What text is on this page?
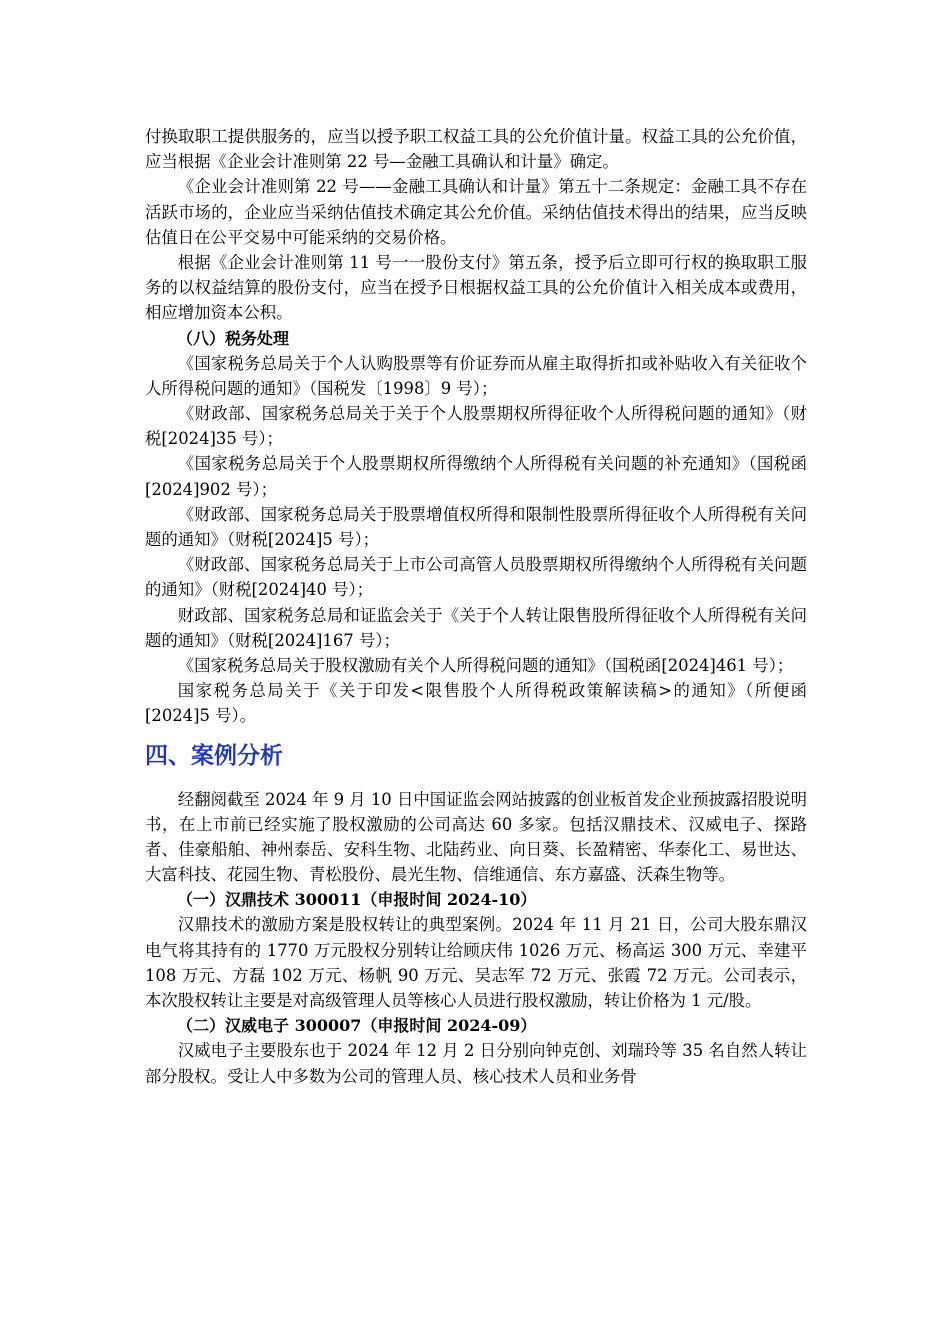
付换取职工提供服务的，应当以授予职工权益工具的公允价值计量。权益工具的公允价值，应当根据《企业会计准则第 22 号—金融工具确认和计量》确定。

《企业会计准则第 22 号——金融工具确认和计量》第五十二条规定：金融工具不存在活跃市场的，企业应当采纳估值技术确定其公允价值。采纳估值技术得出的结果，应当反映估值日在公平交易中可能采纳的交易价格。

根据《企业会计准则第 11 号一一股份支付》第五条，授予后立即可行权的换取职工服务的以权益结算的股份支付，应当在授予日根据权益工具的公允价值计入相关成本或费用，相应增加资本公积。

（八）税务处理

《国家税务总局关于个人认购股票等有价证券而从雇主取得折扣或补贴收入有关征收个人所得税问题的通知》（国税发〔1998〕9 号）；

《财政部、国家税务总局关于关于个人股票期权所得征收个人所得税问题的通知》（财税[2024]35 号）；

《国家税务总局关于个人股票期权所得缴纳个人所得税有关问题的补充通知》（国税函[2024]902 号）；

《财政部、国家税务总局关于股票增值权所得和限制性股票所得征收个人所得税有关问题的通知》（财税[2024]5 号）；

《财政部、国家税务总局关于上市公司高管人员股票期权所得缴纳个人所得税有关问题的通知》（财税[2024]40 号）；

财政部、国家税务总局和证监会关于《关于个人转让限售股所得征收个人所得税有关问题的通知》（财税[2024]167 号）；

《国家税务总局关于股权激励有关个人所得税问题的通知》（国税函[2024]461 号）；

国家税务总局关于《关于印发<限售股个人所得税政策解读稿>的通知》（所便函[2024]5 号）。

四、案例分析

经翻阅截至 2024 年 9 月 10 日中国证监会网站披露的创业板首发企业预披露招股说明书，在上市前已经实施了股权激励的公司高达 60 多家。包括汉鼎技术、汉威电子、探路者、佳豪船舶、神州泰岳、安科生物、北陆药业、向日葵、长盈精密、华泰化工、易世达、大富科技、花园生物、青松股份、晨光生物、信维通信、东方嘉盛、沃森生物等。

（一）汉鼎技术 300011（申报时间 2024-10）

汉鼎技术的激励方案是股权转让的典型案例。2024 年 11 月 21 日，公司大股东鼎汉电气将其持有的 1770 万元股权分别转让给顾庆伟 1026 万元、杨高运 300 万元、幸建平 108 万元、方磊 102 万元、杨帆 90 万元、吴志军 72 万元、张霞 72 万元。公司表示，本次股权转让主要是对高级管理人员等核心人员进行股权激励，转让价格为 1 元/股。

（二）汉威电子 300007（申报时间 2024-09）

汉威电子主要股东也于 2024 年 12 月 2 日分别向钟克创、刘瑞玲等 35 名自然人转让部分股权。受让人中多数为公司的管理人员、核心技术人员和业务骨
